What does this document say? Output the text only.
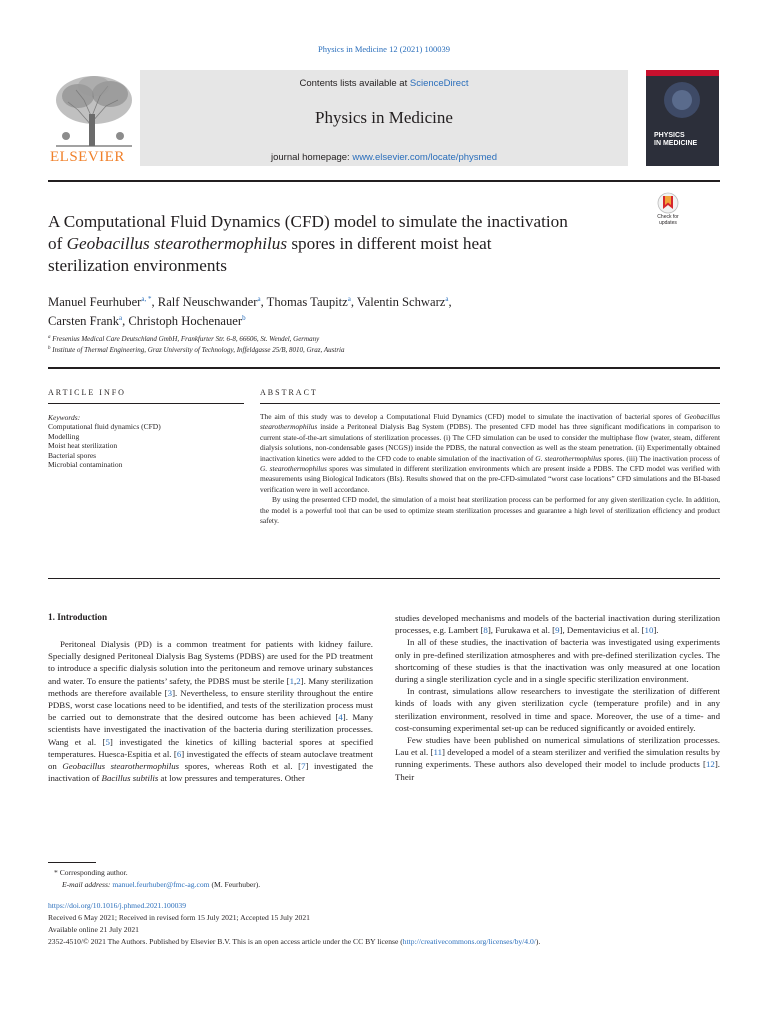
Physics in Medicine 12 (2021) 100039
ELSEVIER
Contents lists available at ScienceDirect
Physics in Medicine
journal homepage: www.elsevier.com/locate/physmed
PHYSICS
IN MEDICINE
A Computational Fluid Dynamics (CFD) model to simulate the inactivation
of Geobacillus stearothermophilus spores in different moist heat
sterilization environments
Check for
updates
Manuel Feurhuber$^{a, *}$, Ralf Neuschwander$^a$, Thomas Taupitz$^a$, Valentin Schwarz$^a$,
Carsten Frank$^a$, Christoph Hochenauer$^b$
$^a$ Fresenius Medical Care Deutschland GmbH, Frankfurter Str. 6-8, 66606, St. Wendel, Germany
$^b$ Institute of Thermal Engineering, Graz University of Technology, Inffeldgasse 25/B, 8010, Graz, Austria
ARTICLE INFO
Keywords:
Computational fluid dynamics (CFD)
Modelling
Moist heat sterilization
Bacterial spores
Microbial contamination
ABSTRACT

The aim of this study was to develop a Computational Fluid Dynamics (CFD) model to simulate the inactivation of bacterial spores of Geobacillus stearothermophilus inside a Peritoneal Dialysis Bag System (PDBS). The presented CFD model has three significant modifications in comparison to current state-of-the-art simulations of sterilization processes. (i) The CFD simulation can be used to consider the multiphase flow (water, steam, different dialysis solutions, non-condensable gases (NCGS)) inside the PDBS, the natural convection as well as the steam penetration. (ii) Experimentally obtained inactivation kinetics were added to the CFD code to enable simulation of the inactivation of G. stearothermophilus spores. (iii) The inactivation process of G. stearothermophilus spores was simulated in different sterilization environments which are present inside a PDBS. The CFD model was verified with measurements using Biological Indicators (BIs). Results showed that on the pre-CFD-simulated “worst case locations” CFD simulations and the BI-based verification were in well accordance.

By using the presented CFD model, the simulation of a moist heat sterilization process can be performed for any given sterilization cycle. In addition, the model is a powerful tool that can be used to optimize steam sterilization processes and guarantee a high level of sterilization efficiency and product safety.

1. Introduction

Peritoneal Dialysis (PD) is a common treatment for patients with kidney failure. Specially designed Peritoneal Dialysis Bag Systems (PDBS) are used for the PD treatment to introduce a specific dialysis solution into the peritoneum and remove urinary substances and water. To ensure the patients’ safety, the PDBS must be sterile [1,2]. Many sterilization methods are therefore available [3]. Nevertheless, to ensure sterility throughout the entire PDBS, worst case locations need to be identified, and tests of the sterilization process must be carried out to demonstrate that the desired outcome has been achieved [4]. Many scientists have investigated the inactivation of the bacteria during sterilization processes. Wang et al. [5] investigated the kinetics of killing bacterial spores at specified temperatures. Huesca-Espitia et al. [6] investigated the effects of steam autoclave treatment on Geobacillus stearothermophilus spores, whereas Roth et al. [7] investigated the inactivation of Bacillus subtilis at low pressures and temperatures. Other

studies developed mechanisms and models of the bacterial inactivation during sterilization processes, e.g. Lambert [8], Furukawa et al. [9], Dementavicius et al. [10].

In all of these studies, the inactivation of bacteria was investigated using experiments only in pre-defined sterilization atmospheres and with pre-defined sterilization cycles. The shortcoming of these studies is that the inactivation was only measured at one location during a single sterilization cycle and in a single specific sterilization environment.

In contrast, simulations allow researchers to investigate the sterilization of different kinds of loads with any given sterilization cycle (temperature profile) and in any sterilization environment, resolved in time and space. Moreover, the use of a time- and cost-consuming experimental set-up can be reduced significantly or avoided entirely.

Few studies have been published on numerical simulations of sterilization processes. Lau et al. [11] developed a model of a steam sterilizer and verified the simulation results by running experiments. These authors also developed their model to include products [12]. Their

* Corresponding author.
E-mail address: manuel.feurhuber@fmc-ag.com (M. Feurhuber).
https://doi.org/10.1016/j.phmed.2021.100039
Received 6 May 2021; Received in revised form 15 July 2021; Accepted 15 July 2021
Available online 21 July 2021
2352-4510/© 2021 The Authors. Published by Elsevier B.V. This is an open access article under the CC BY license (http://creativecommons.org/licenses/by/4.0/).
